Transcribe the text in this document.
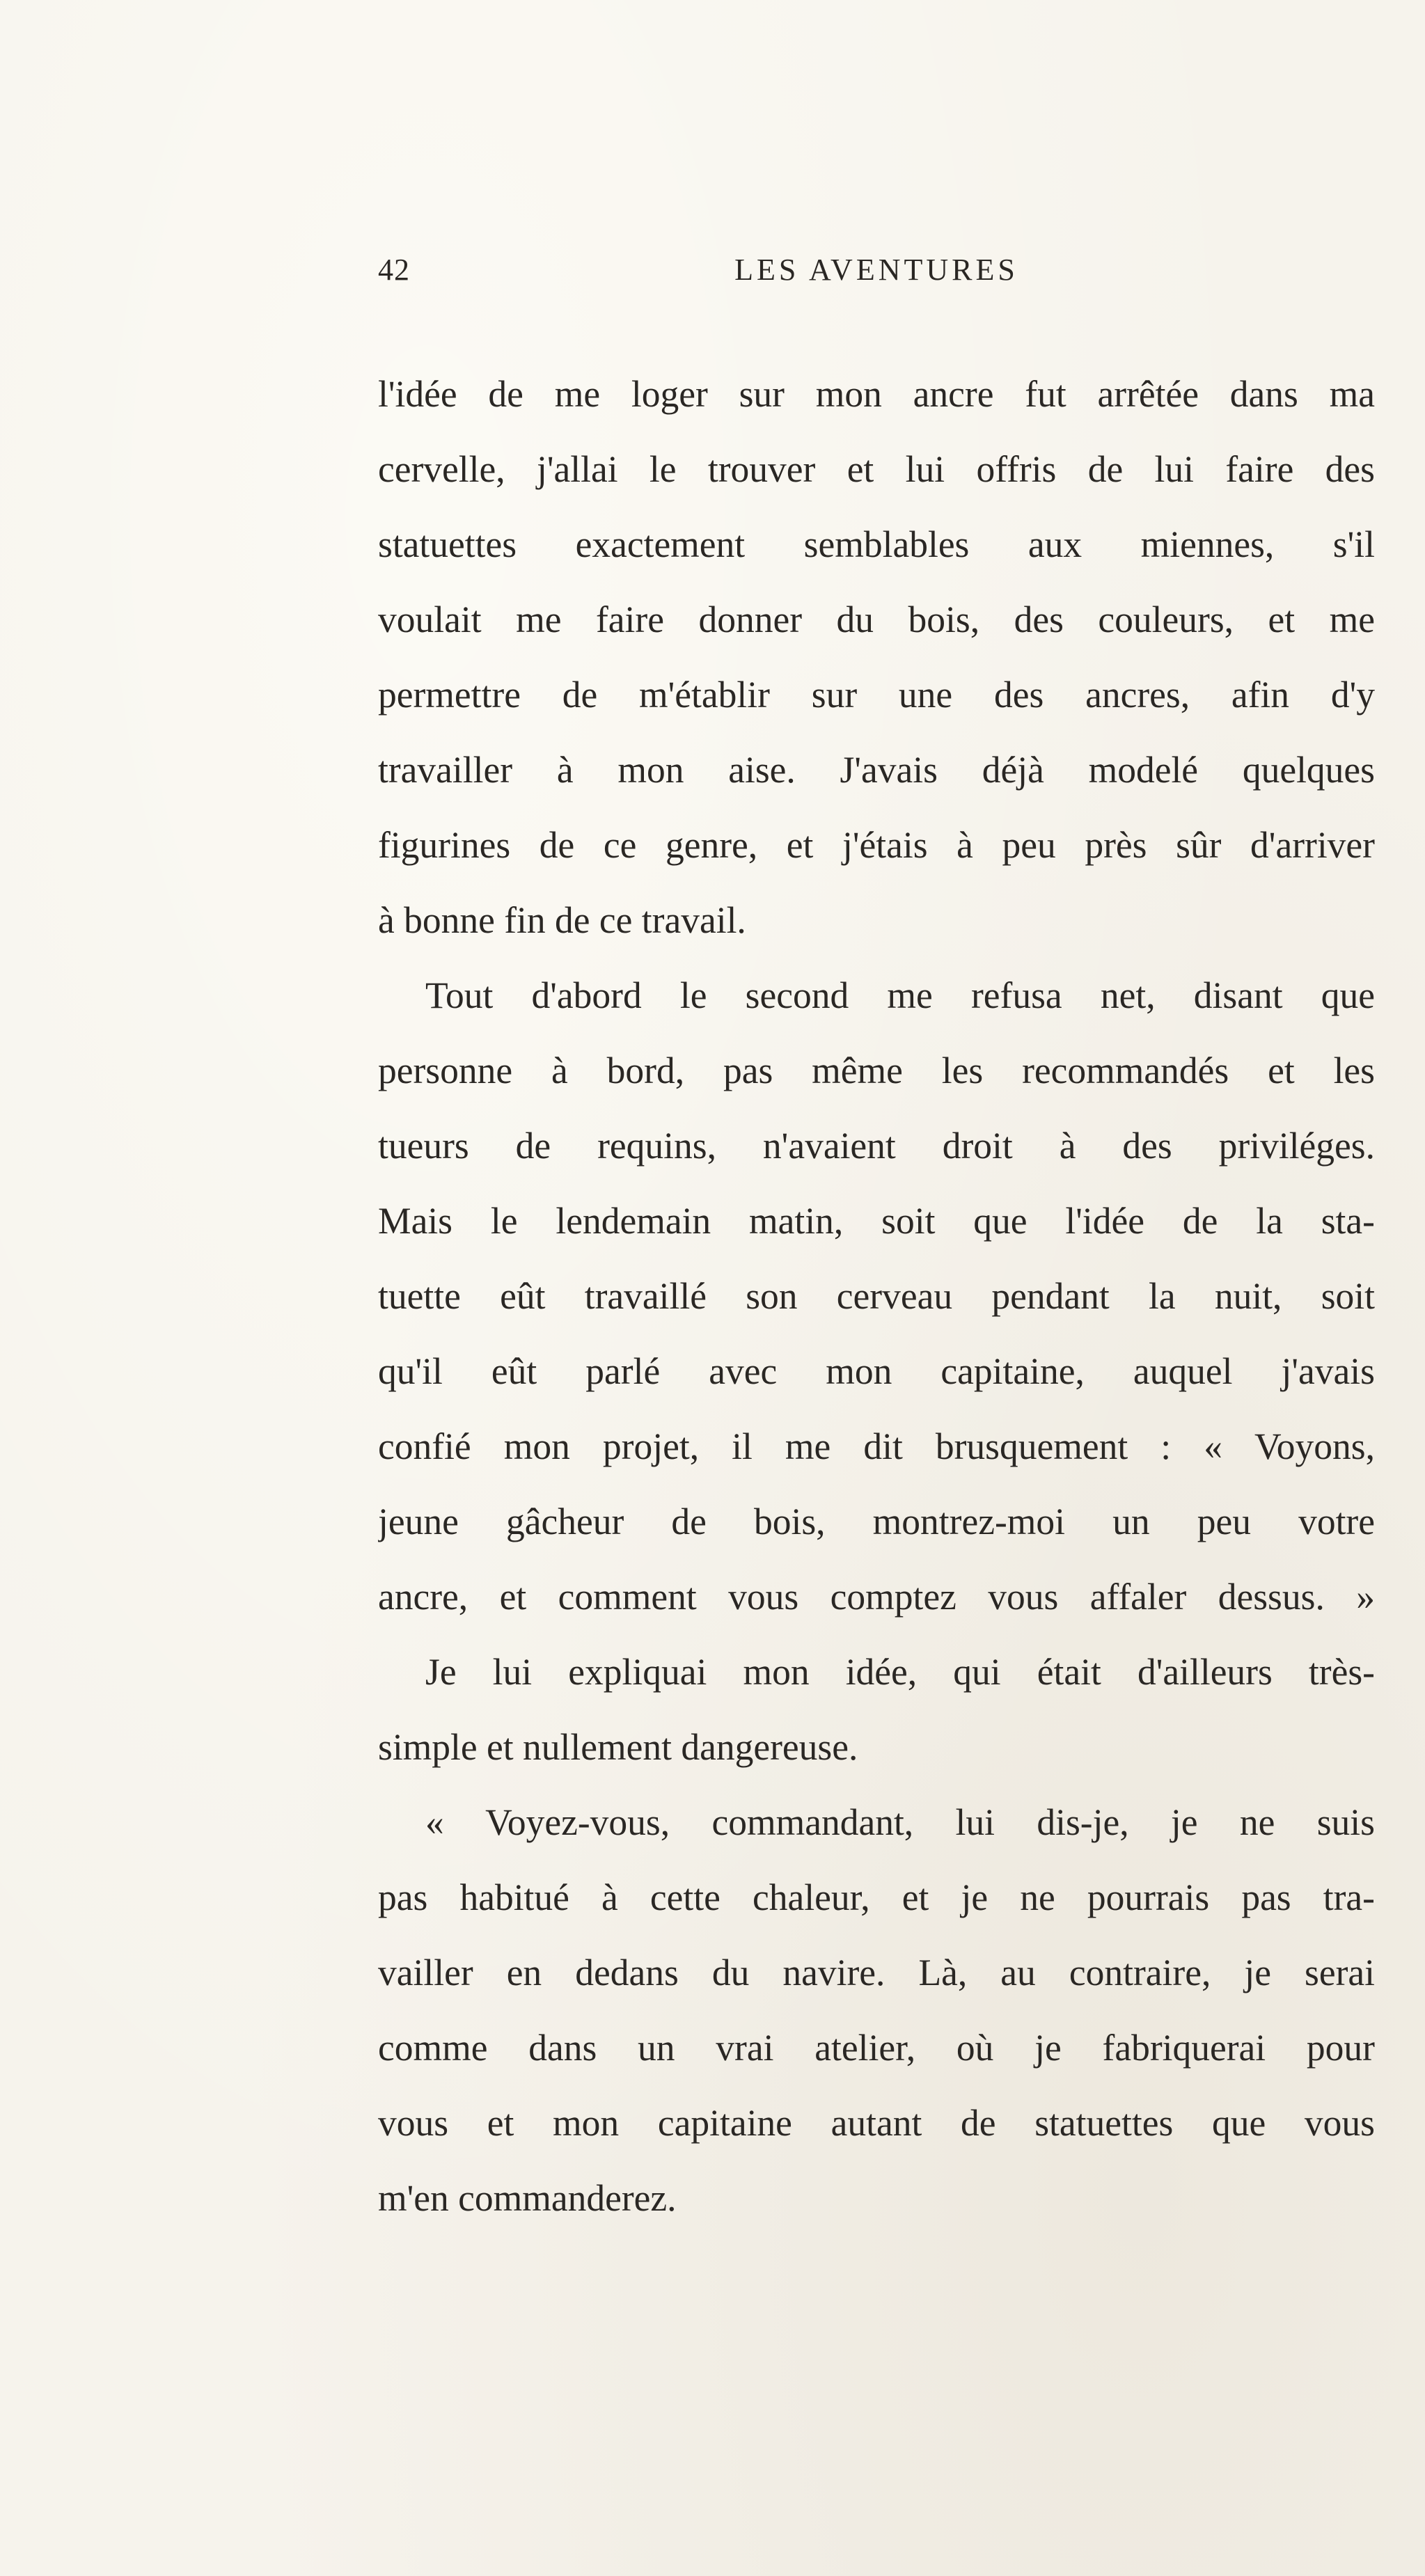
42	LES AVENTURES
l'idée de me loger sur mon ancre fut arrêtée dans ma
cervelle, j'allai le trouver et lui offris de lui faire des
statuettes exactement semblables aux miennes, s'il
voulait me faire donner du bois, des couleurs, et me
permettre de m'établir sur une des ancres, afin d'y
travailler à mon aise. J'avais déjà modelé quelques
figurines de ce genre, et j'étais à peu près sûr d'arriver
à bonne fin de ce travail.
Tout d'abord le second me refusa net, disant que
personne à bord, pas même les recommandés et les
tueurs de requins, n'avaient droit à des priviléges.
Mais le lendemain matin, soit que l'idée de la sta-
tuette eût travaillé son cerveau pendant la nuit, soit
qu'il eût parlé avec mon capitaine, auquel j'avais
confié mon projet, il me dit brusquement : « Voyons,
jeune gâcheur de bois, montrez-moi un peu votre
ancre, et comment vous comptez vous affaler dessus. »
Je lui expliquai mon idée, qui était d'ailleurs très-
simple et nullement dangereuse.
« Voyez-vous, commandant, lui dis-je, je ne suis
pas habitué à cette chaleur, et je ne pourrais pas tra-
vailler en dedans du navire. Là, au contraire, je serai
comme dans un vrai atelier, où je fabriquerai pour
vous et mon capitaine autant de statuettes que vous
m'en commanderez.
